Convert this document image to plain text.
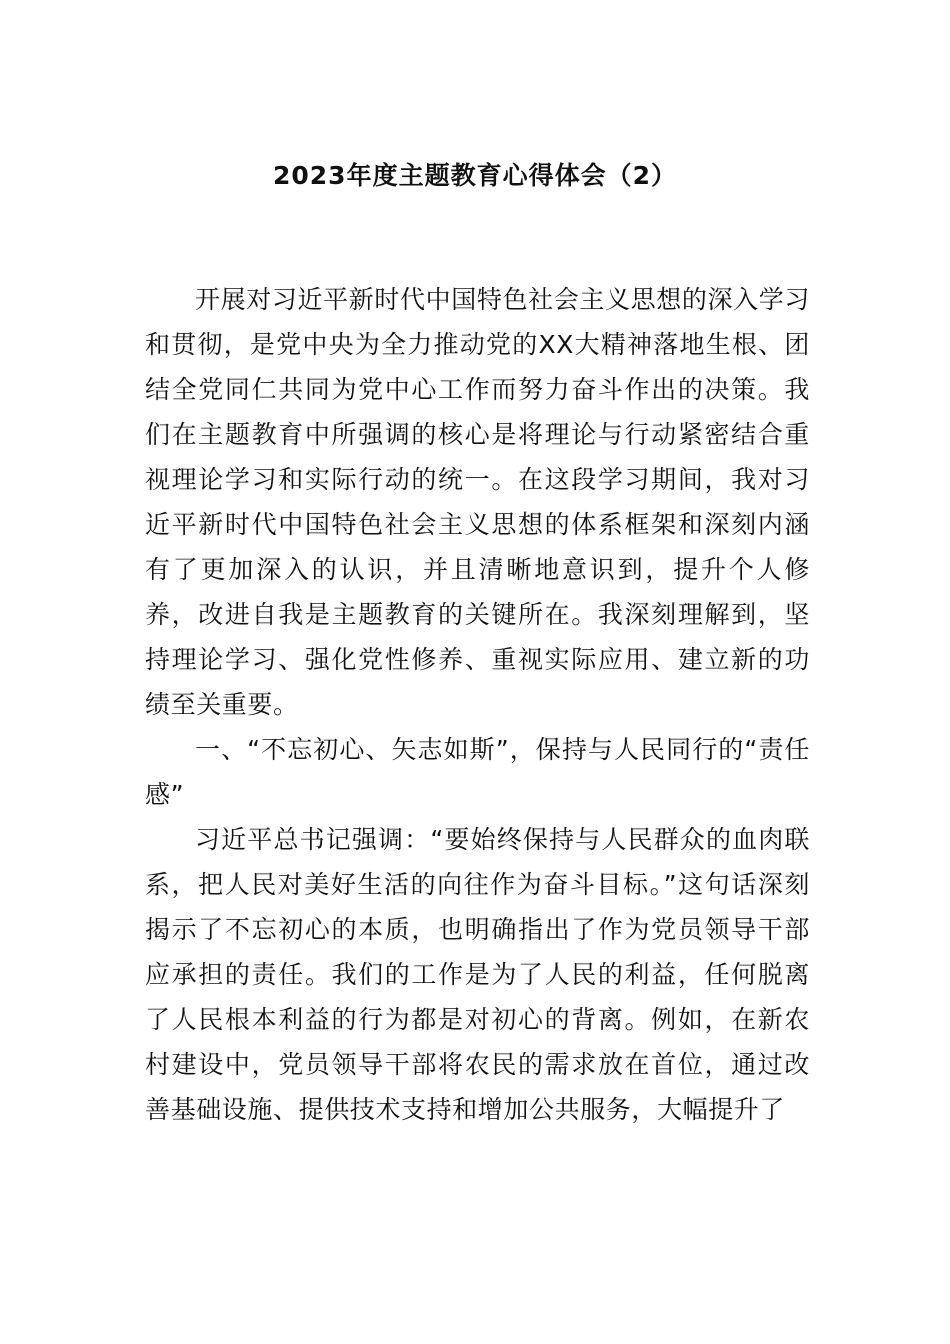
2023年度主题教育心得体会（2）

开展对习近平新时代中国特色社会主义思想的深入学习和贯彻，是党中央为全力推动党的XX大精神落地生根、团结全党同仁共同为党中心工作而努力奋斗作出的决策。我们在主题教育中所强调的核心是将理论与行动紧密结合重视理论学习和实际行动的统一。在这段学习期间，我对习近平新时代中国特色社会主义思想的体系框架和深刻内涵有了更加深入的认识，并且清晰地意识到，提升个人修养，改进自我是主题教育的关键所在。我深刻理解到，坚持理论学习、强化党性修养、重视实际应用、建立新的功绩至关重要。

一、“不忘初心、矢志如斯”，保持与人民同行的“责任感”

习近平总书记强调：“要始终保持与人民群众的血肉联系，把人民对美好生活的向往作为奋斗目标。”这句话深刻揭示了不忘初心的本质，也明确指出了作为党员领导干部应承担的责任。我们的工作是为了人民的利益，任何脱离了人民根本利益的行为都是对初心的背离。例如，在新农村建设中，党员领导干部将农民的需求放在首位，通过改善基础设施、提供技术支持和增加公共服务，大幅提升了
